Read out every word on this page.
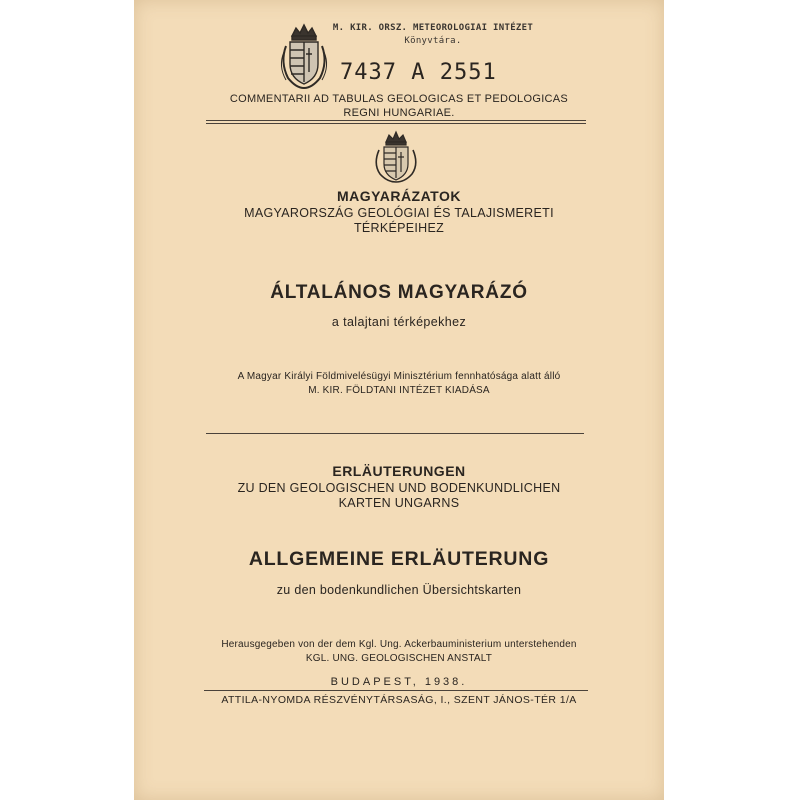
M. KIR. ORSZ. METEOROLOGIAI INTÉZET
Könyvtára.
7437 A 2551
COMMENTARII AD TABULAS GEOLOGICAS ET PEDOLOGICAS
REGNI HUNGARIAE.
MAGYARÁZATOK
MAGYARORSZÁG GEOLÓGIAI ÉS TALAJISMERETI
TÉRKÉPEIHEZ
ÁLTALÁNOS MAGYARÁZÓ
a talajtani térképekhez
A Magyar Királyi Földmivelésügyi Minisztérium fennhatósága alatt álló
M. KIR. FÖLDTANI INTÉZET KIADÁSA
ERLÄUTERUNGEN
ZU DEN GEOLOGISCHEN UND BODENKUNDLICHEN
KARTEN UNGARNS
ALLGEMEINE ERLÄUTERUNG
zu den bodenkundlichen Übersichtskarten
Herausgegeben von der dem Kgl. Ung. Ackerbauministerium unterstehenden
KGL. UNG. GEOLOGISCHEN ANSTALT
BUDAPEST, 1938.
ATTILA-NYOMDA RÉSZVÉNYTÁRSASÁG, I., SZENT JÁNOS-TÉR 1/A
